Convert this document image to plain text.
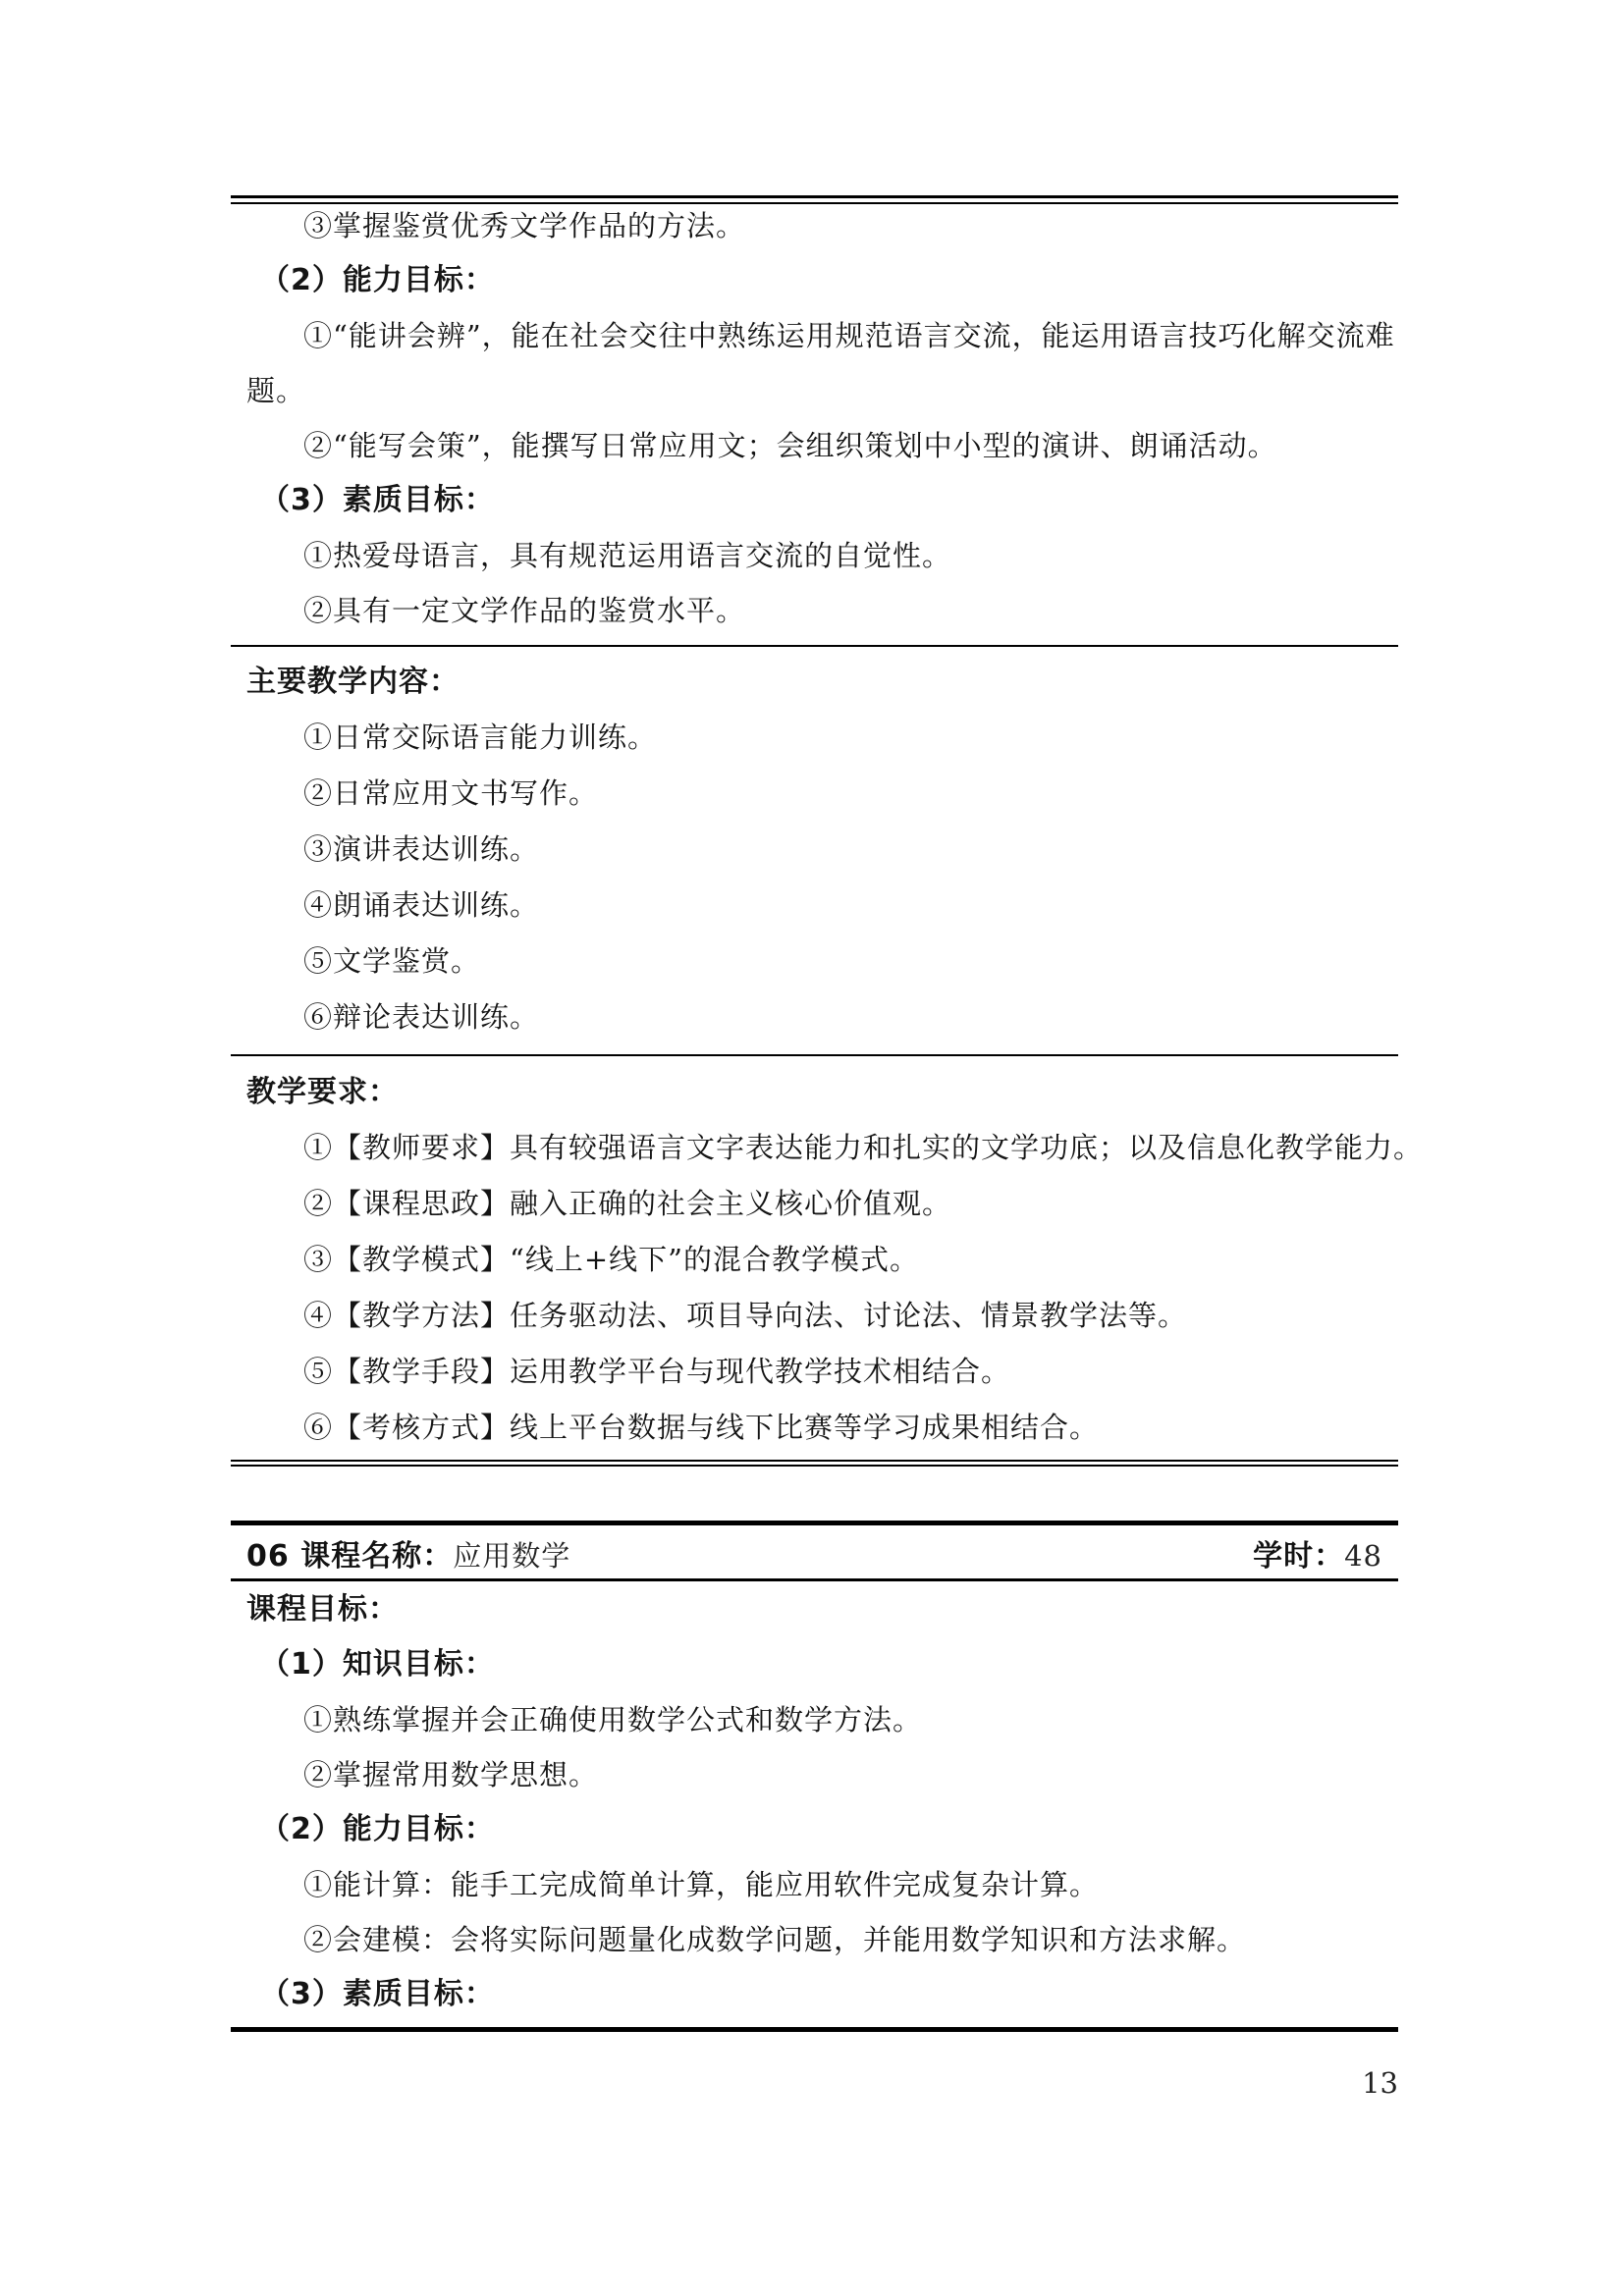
③掌握鉴赏优秀文学作品的方法。
（2）能力目标：
①“能讲会辨”，能在社会交往中熟练运用规范语言交流，能运用语言技巧化解交流难
题。
②“能写会策”，能撰写日常应用文；会组织策划中小型的演讲、朗诵活动。
（3）素质目标：
①热爱母语言，具有规范运用语言交流的自觉性。
②具有一定文学作品的鉴赏水平。
主要教学内容：
①日常交际语言能力训练。
②日常应用文书写作。
③演讲表达训练。
④朗诵表达训练。
⑤文学鉴赏。
⑥辩论表达训练。
教学要求：
①【教师要求】具有较强语言文字表达能力和扎实的文学功底；以及信息化教学能力。
②【课程思政】融入正确的社会主义核心价值观。
③【教学模式】“线上+线下”的混合教学模式。
④【教学方法】任务驱动法、项目导向法、讨论法、情景教学法等。
⑤【教学手段】运用教学平台与现代教学技术相结合。
⑥【考核方式】线上平台数据与线下比赛等学习成果相结合。
06 课程名称：应用数学	学时：48
课程目标：
（1）知识目标：
①熟练掌握并会正确使用数学公式和数学方法。
②掌握常用数学思想。
（2）能力目标：
①能计算：能手工完成简单计算，能应用软件完成复杂计算。
②会建模：会将实际问题量化成数学问题，并能用数学知识和方法求解。
（3）素质目标：
13
